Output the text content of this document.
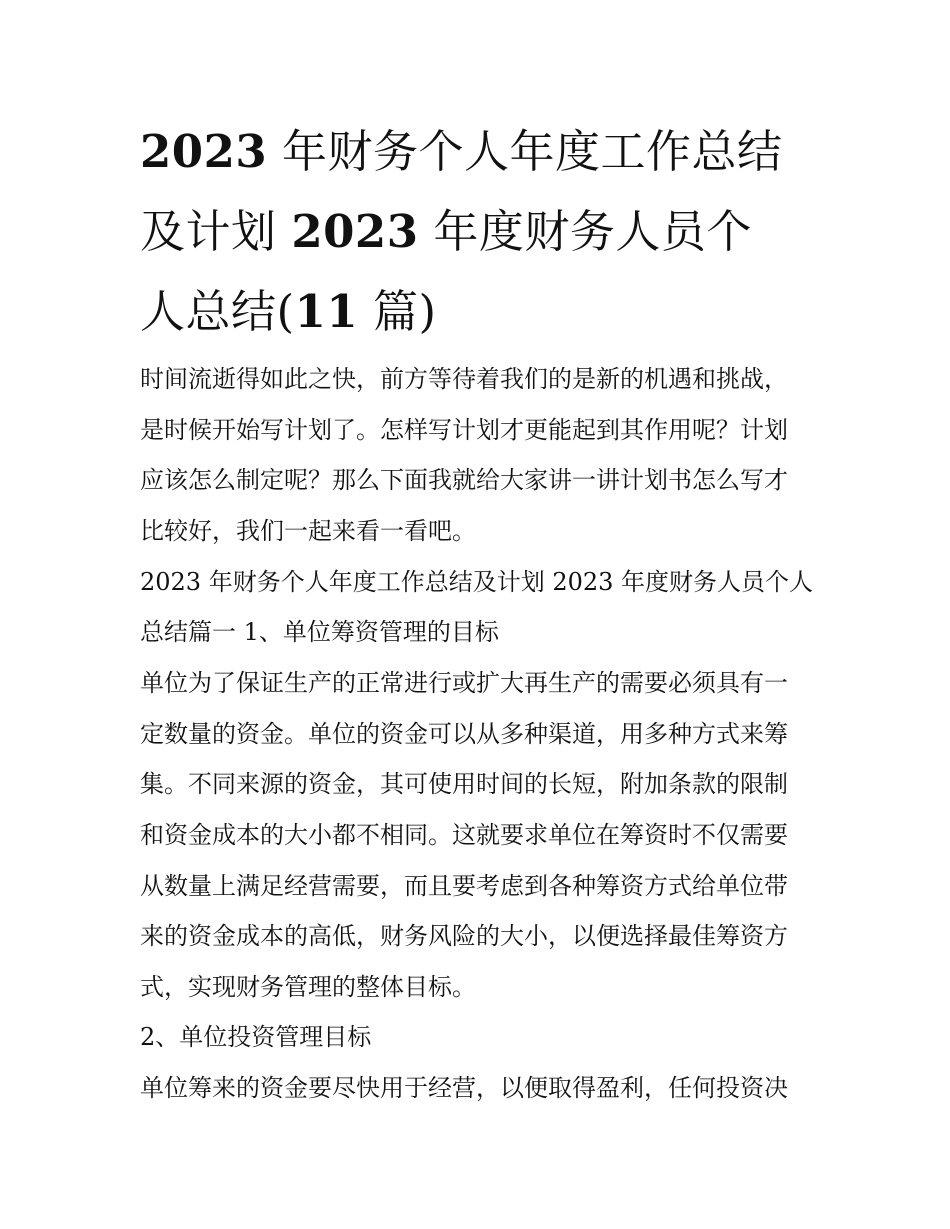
2023 年财务个人年度工作总结
及计划 2023 年度财务人员个
人总结(11 篇)

时间流逝得如此之快，前方等待着我们的是新的机遇和挑战，

是时候开始写计划了。怎样写计划才更能起到其作用呢？计划

应该怎么制定呢？那么下面我就给大家讲一讲计划书怎么写才

比较好，我们一起来看一看吧。

2023 年财务个人年度工作总结及计划 2023 年度财务人员个人

总结篇一 1、单位筹资管理的目标

单位为了保证生产的正常进行或扩大再生产的需要必须具有一

定数量的资金。单位的资金可以从多种渠道，用多种方式来筹

集。不同来源的资金，其可使用时间的长短，附加条款的限制

和资金成本的大小都不相同。这就要求单位在筹资时不仅需要

从数量上满足经营需要，而且要考虑到各种筹资方式给单位带

来的资金成本的高低，财务风险的大小，以便选择最佳筹资方

式，实现财务管理的整体目标。

2、单位投资管理目标

单位筹来的资金要尽快用于经营，以便取得盈利，任何投资决
